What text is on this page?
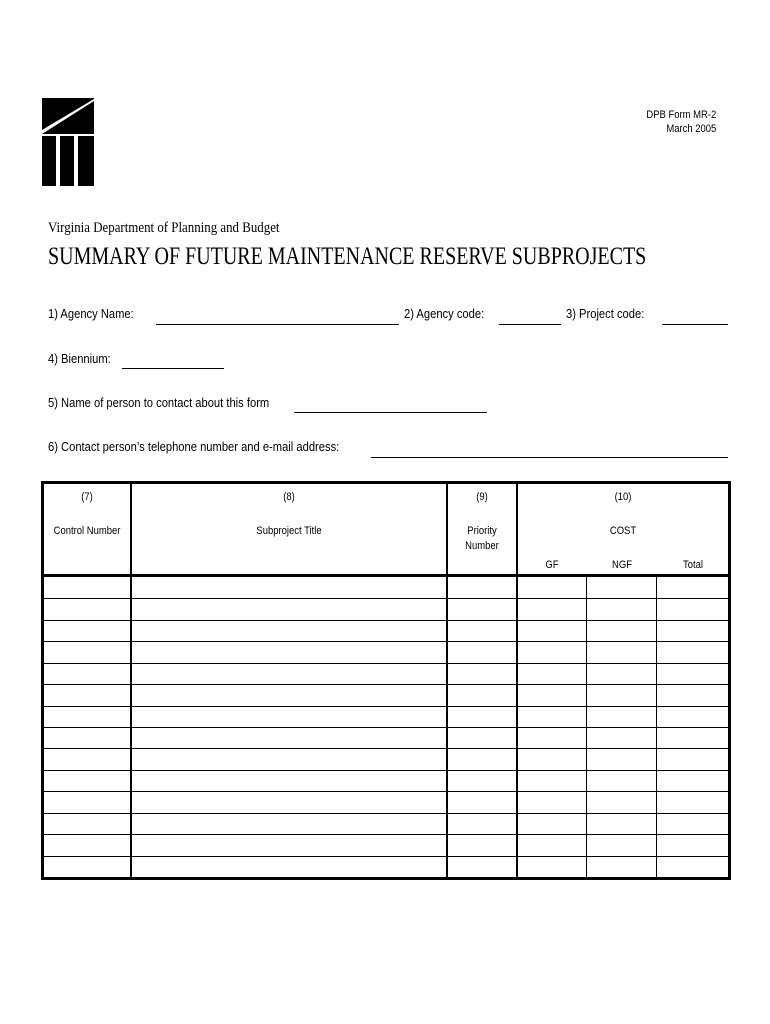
DPB Form MR-2
March 2005
Virginia Department of Planning and Budget
SUMMARY OF FUTURE MAINTENANCE RESERVE SUBPROJECTS
1) Agency Name:	2) Agency code:	3) Project code:
4) Biennium:
5) Name of person to contact about this form
6) Contact person’s telephone number and e-mail address:
(7)
Control Number
(8)
Subproject Title
(9)
Priority Number
(10)
COST
GF	NGF	Total
